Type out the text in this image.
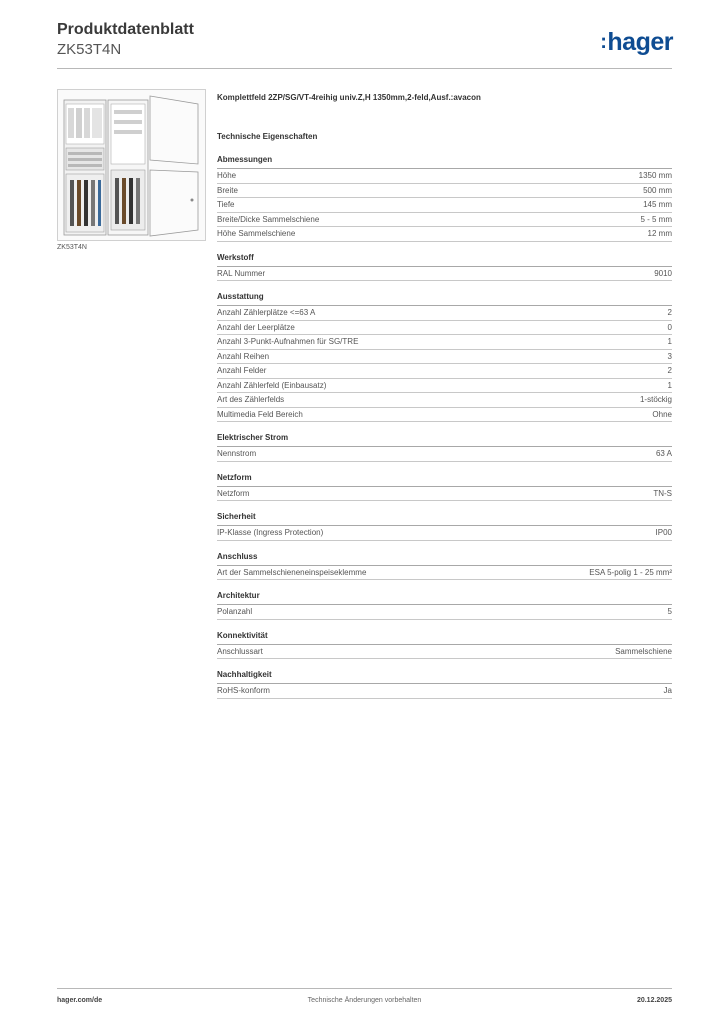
Produktdatenblatt
ZK53T4N	:hager
ZK53T4N
Komplettfeld 2ZP/SG/VT-4reihig univ.Z,H 1350mm,2-feld,Ausf.:avacon
Technische Eigenschaften
Abmessungen
Höhe	1350 mm
Breite	500 mm
Tiefe	145 mm
Breite/Dicke Sammelschiene	5 - 5 mm
Höhe Sammelschiene	12 mm
Werkstoff
RAL Nummer	9010
Ausstattung
Anzahl Zählerplätze <=63 A	2
Anzahl der Leerplätze	0
Anzahl 3-Punkt-Aufnahmen für SG/TRE	1
Anzahl Reihen	3
Anzahl Felder	2
Anzahl Zählerfeld (Einbausatz)	1
Art des Zählerfelds	1-stöckig
Multimedia Feld Bereich	Ohne
Elektrischer Strom
Nennstrom	63 A
Netzform
Netzform	TN-S
Sicherheit
IP-Klasse (Ingress Protection)	IP00
Anschluss
Art der Sammelschieneneinspeiseklemme	ESA 5-polig 1 - 25 mm²
Architektur
Polanzahl	5
Konnektivität
Anschlussart	Sammelschiene
Nachhaltigkeit
RoHS-konform	Ja
hager.com/de	Technische Änderungen vorbehalten	20.12.2025
